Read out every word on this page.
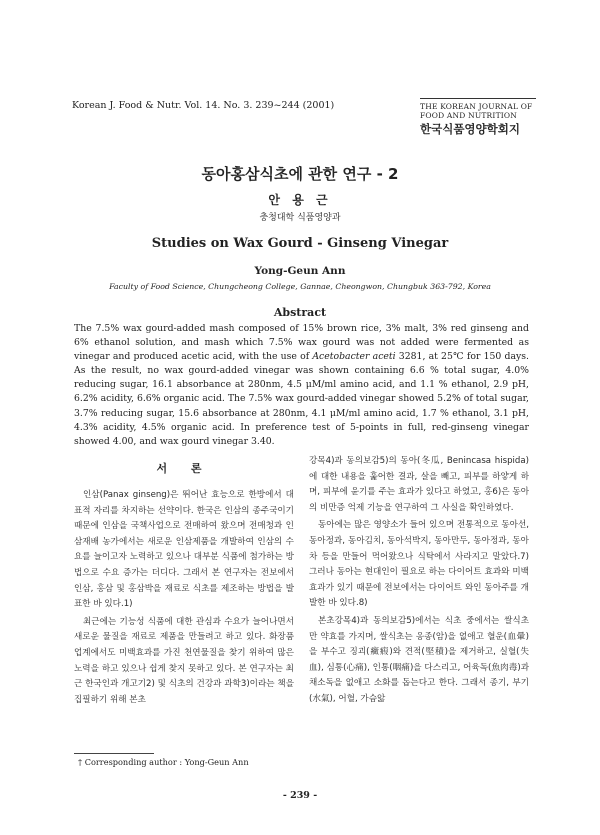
Korean J. Food & Nutr. Vol. 14. No. 3. 239~244 (2001)	THE KOREAN JOURNAL OF
FOOD AND NUTRITION
한국식품영양학회지
동아홍삼식초에 관한 연구 - 2
안 용 근
충청대학 식품영양과
Studies on Wax Gourd - Ginseng Vinegar
Yong-Geun Ann
Faculty of Food Science, Chungcheong College, Gannae, Cheongwon, Chungbuk 363-792, Korea
Abstract

The 7.5% wax gourd-added mash composed of 15% brown rice, 3% malt, 3% red ginseng and 6% ethanol solution, and mash which 7.5% wax gourd was not added were fermented as vinegar and produced acetic acid, with the use of Acetobacter aceti 3281, at 25℃ for 150 days. As the result, no wax gourd-added vinegar was shown containing 6.6 % total sugar, 4.0% reducing sugar, 16.1 absorbance at 280nm, 4.5 μM/ml amino acid, and 1.1 % ethanol, 2.9 pH, 6.2% acidity, 6.6% organic acid. The 7.5% wax gourd-added vinegar showed 5.2% of total sugar, 3.7% reducing sugar, 15.6 absorbance at 280nm, 4.1 μM/ml amino acid, 1.7 % ethanol, 3.1 pH, 4.3% acidity, 4.5% organic acid. In preference test of 5-points in full, red-ginseng vinegar showed 4.00, and wax gourd vinegar 3.40.

서 론

인삼(Panax ginseng)은 뛰어난 효능으로 한방에서 대표적 자리를 차지하는 선약이다. 한국은 인삼의 종주국이기 때문에 인삼을 국책사업으로 전매하여 왔으며 전매청과 인삼재배 농가에서는 새로운 인삼제품을 개발하여 인삼의 수요를 늘이고자 노력하고 있으나 대부분 식품에 첨가하는 방법으로 수요 증가는 더디다. 그래서 본 연구자는 전보에서 인삼, 홍삼 및 홍삼박을 재료로 식초를 제조하는 방법을 발표한 바 있다.1)

최근에는 기능성 식품에 대한 관심과 수요가 늘어나면서 새로운 물질을 재료로 제품을 만들려고 하고 있다. 화장품 업계에서도 미백효과를 가진 천연물질을 찾기 위하여 많은 노력을 하고 있으나 쉽게 찾지 못하고 있다. 본 연구자는 최근 한국인과 개고기2) 및 식초의 건강과 과학3)이라는 책을 집필하기 위해 본초

강목4)과 동의보감5)의 동아(冬瓜, Benincasa hispida)에 대한 내용을 훑어한 결과, 살을 빼고, 피부를 하얗게 하며, 피부에 윤기를 주는 효과가 있다고 하였고, 홍6)은 동아의 비만증 억제 기능을 연구하여 그 사실을 확인하였다.

동아에는 많은 영양소가 들어 있으며 전통적으로 동아선, 동아정과, 동아김치, 동아석박지, 동아만두, 동아정과, 동아차 등을 만들어 먹어왔으나 식탁에서 사라지고 말았다.7) 그러나 동아는 현대인이 필요로 하는 다이어트 효과와 미백효과가 있기 때문에 전보에서는 다이어트 와인 동아주를 개발한 바 있다.8)

본초강목4)과 동의보감5)에서는 식초 중에서는 쌀식초만 약효를 가지며, 쌀식초는 옹종(암)을 없애고 혈운(血暈)을 부수고 징괴(癥瘕)와 견적(堅積)을 제거하고, 실혈(失血), 심통(心痛), 인통(咽痛)을 다스리고, 어육독(魚肉毒)과 채소독을 없애고 소화를 돕는다고 한다. 그래서 종기, 부기(水氣), 어혈, 가슴앓

† Corresponding author : Yong-Geun Ann
- 239 -
